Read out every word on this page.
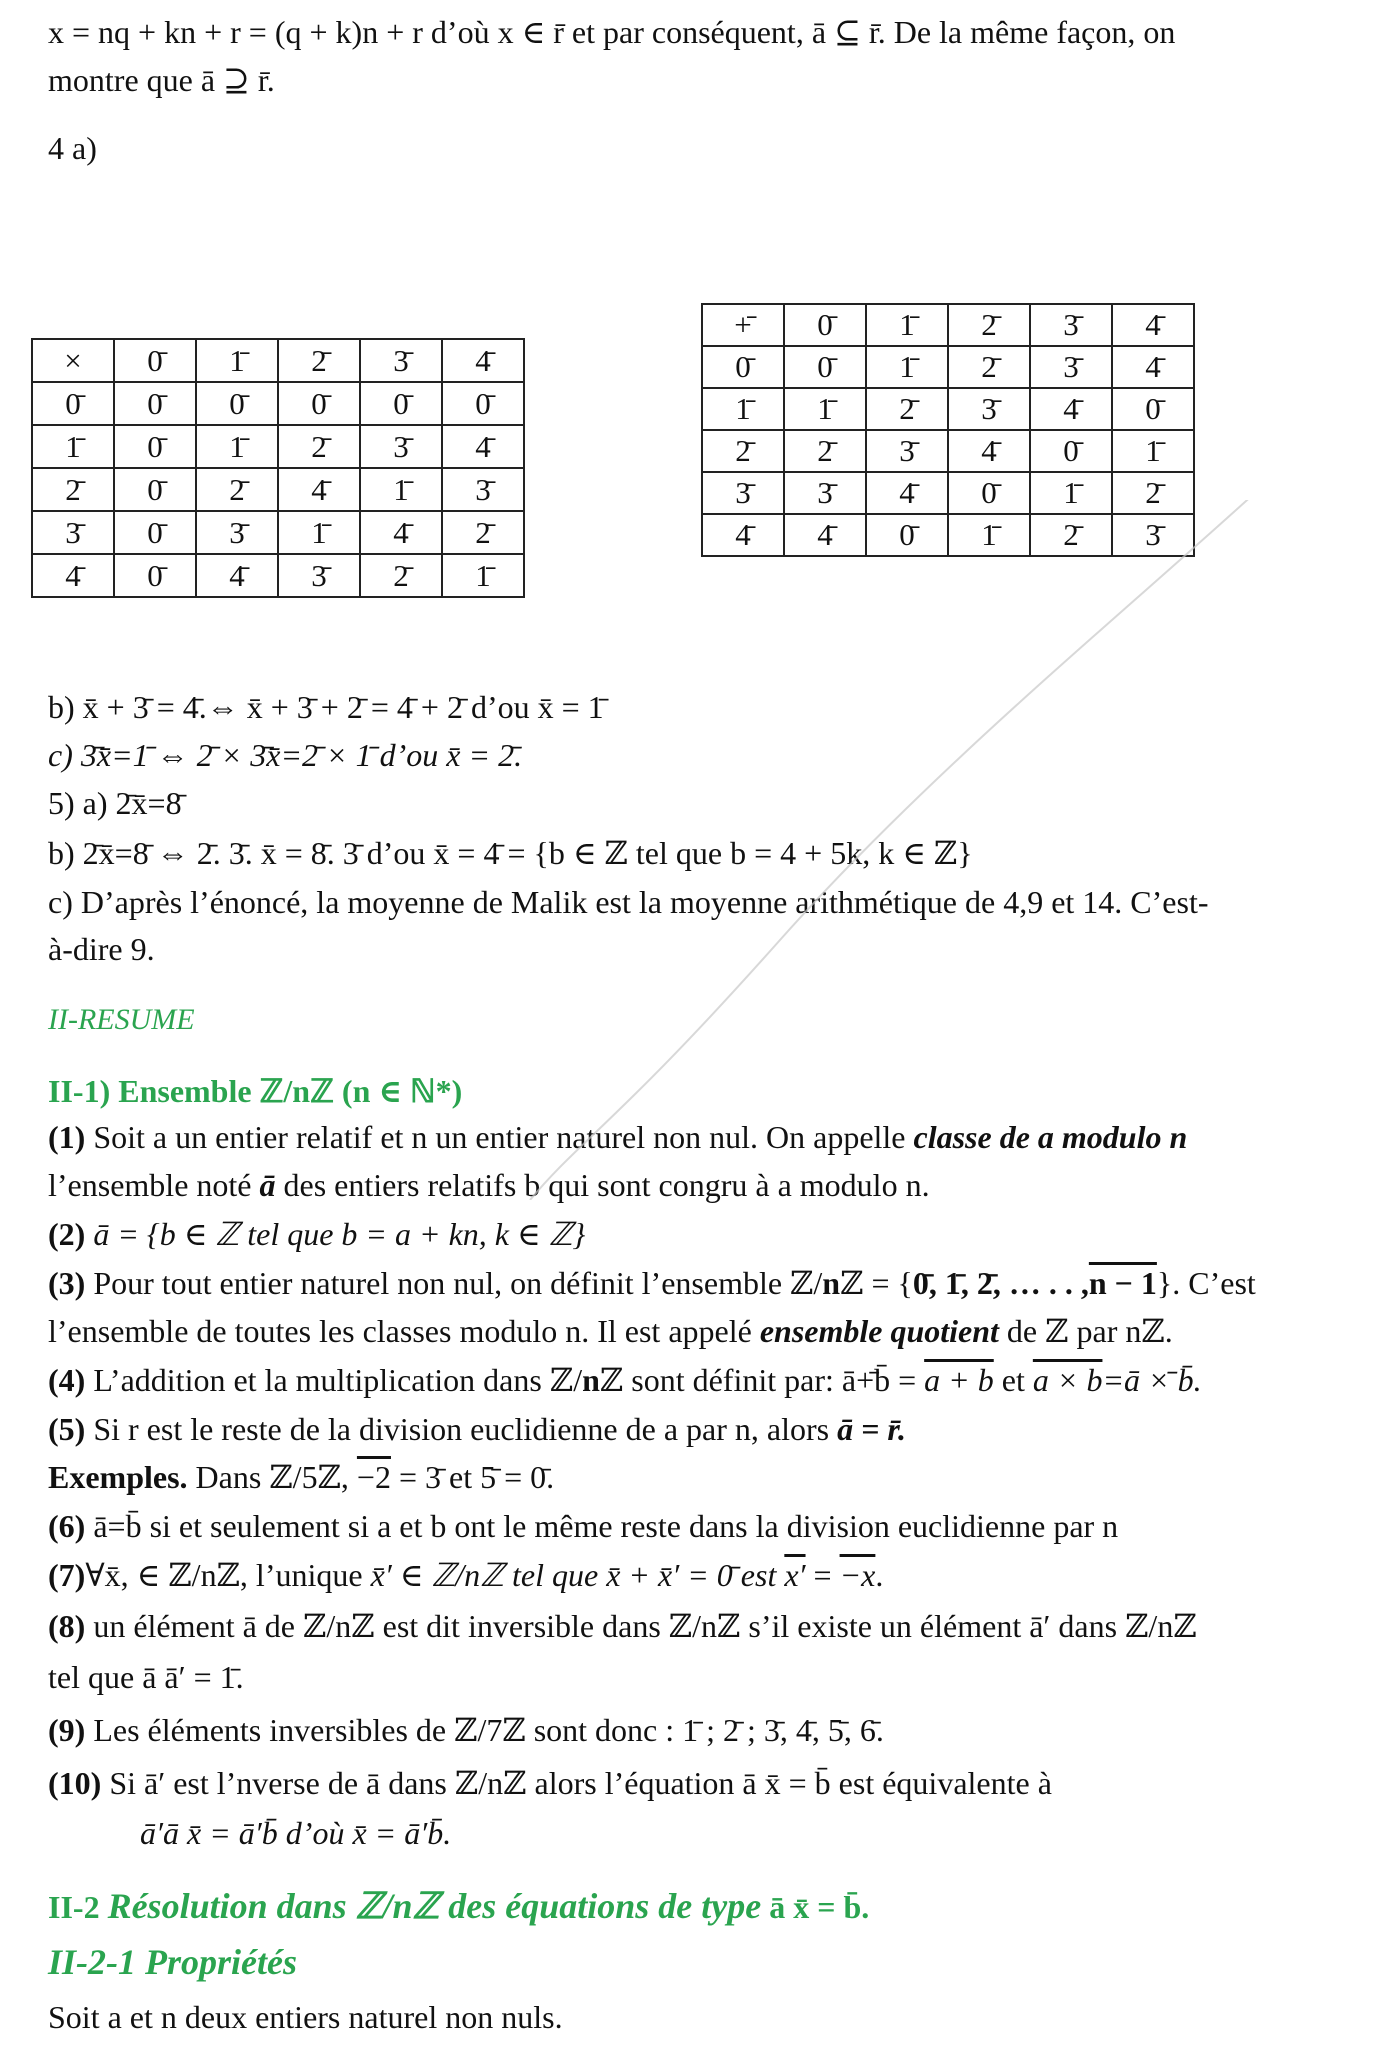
x = nq + kn + r = (q + k)n + r d’où x ∈ r̄ et par conséquent, ā ⊆ r̄. De la même façon, on
montre que ā ⊇ r̄.
4 a)
×	0̄	1̄	2̄	3̄	4̄
0̄	0̄	0̄	0̄	0̄	0̄
1̄	0̄	1̄	2̄	3̄	4̄
2̄	0̄	2̄	4̄	1̄	3̄
3̄	0̄	3̄	1̄	4̄	2̄
4̄	0̄	4̄	3̄	2̄	1̄
+̄	0̄	1̄	2̄	3̄	4̄
0̄	0̄	1̄	2̄	3̄	4̄
1̄	1̄	2̄	3̄	4̄	0̄
2̄	2̄	3̄	4̄	0̄	1̄
3̄	3̄	4̄	0̄	1̄	2̄
4̄	4̄	0̄	1̄	2̄	3̄
b) x̄ + 3̄ = 4̄.⇔ x̄ + 3̄ + 2̄ = 4̄ + 2̄ d’ou x̄ = 1̄
c) 3̄x̄=1̄ ⇔ 2̄ × 3̄x̄=2̄ × 1̄ d’ou x̄ = 2̄.
5) a) 2̄x̄=8̄
b) 2̄x̄=8̄ ⇔ 2̄. 3̄. x̄ = 8̄. 3̄ d’ou x̄ = 4̄ = {b ∈ ℤ tel que b = 4 + 5k, k ∈ ℤ}
c) D’après l’énoncé, la moyenne de Malik est la moyenne arithmétique de 4,9 et 14. C’est-
à-dire 9.
II-RESUME
II-1) Ensemble ℤ/nℤ (n ∈ ℕ*)
(1) Soit a un entier relatif et n un entier naturel non nul. On appelle classe de a modulo n
l’ensemble noté ā des entiers relatifs b qui sont congru à a modulo n.
(2) ā = {b ∈ ℤ tel que b = a + kn, k ∈ ℤ}
(3) Pour tout entier naturel non nul, on définit l’ensemble ℤ/nℤ = {0̄, 1̄, 2̄, … . . ,n − 1}. C’est
l’ensemble de toutes les classes modulo n. Il est appelé ensemble quotient de ℤ par nℤ.
(4) L’addition et la multiplication dans ℤ/nℤ sont définit par: ā+̄b̄ = a + b et a × b=ā ×̄ b̄.
(5) Si r est le reste de la division euclidienne de a par n, alors ā = r̄.
Exemples. Dans ℤ/5ℤ, −2 = 3̄ et 5̄ = 0̄.
(6) ā=b̄ si et seulement si a et b ont le même reste dans la division euclidienne par n
(7)∀x̄, ∈ ℤ/nℤ, l’unique x̄′ ∈ ℤ/nℤ tel que x̄ + x̄′ = 0̄ est x′ = −x.
(8) un élément ā de ℤ/nℤ est dit inversible dans ℤ/nℤ s’il existe un élément ā′ dans ℤ/nℤ
tel que ā ā′ = 1̄.
(9) Les éléments inversibles de ℤ/7ℤ sont donc : 1̄ ; 2̄ ; 3̄, 4̄, 5̄, 6̄.
(10) Si ā′ est l’nverse de ā dans ℤ/nℤ alors l’équation ā x̄ = b̄ est équivalente à
ā′ā x̄ = ā′b̄ d’où x̄ = ā′b̄.
II-2 Résolution dans ℤ/nℤ des équations de type ā x̄ = b̄.
II-2-1 Propriétés
Soit a et n deux entiers naturel non nuls.
